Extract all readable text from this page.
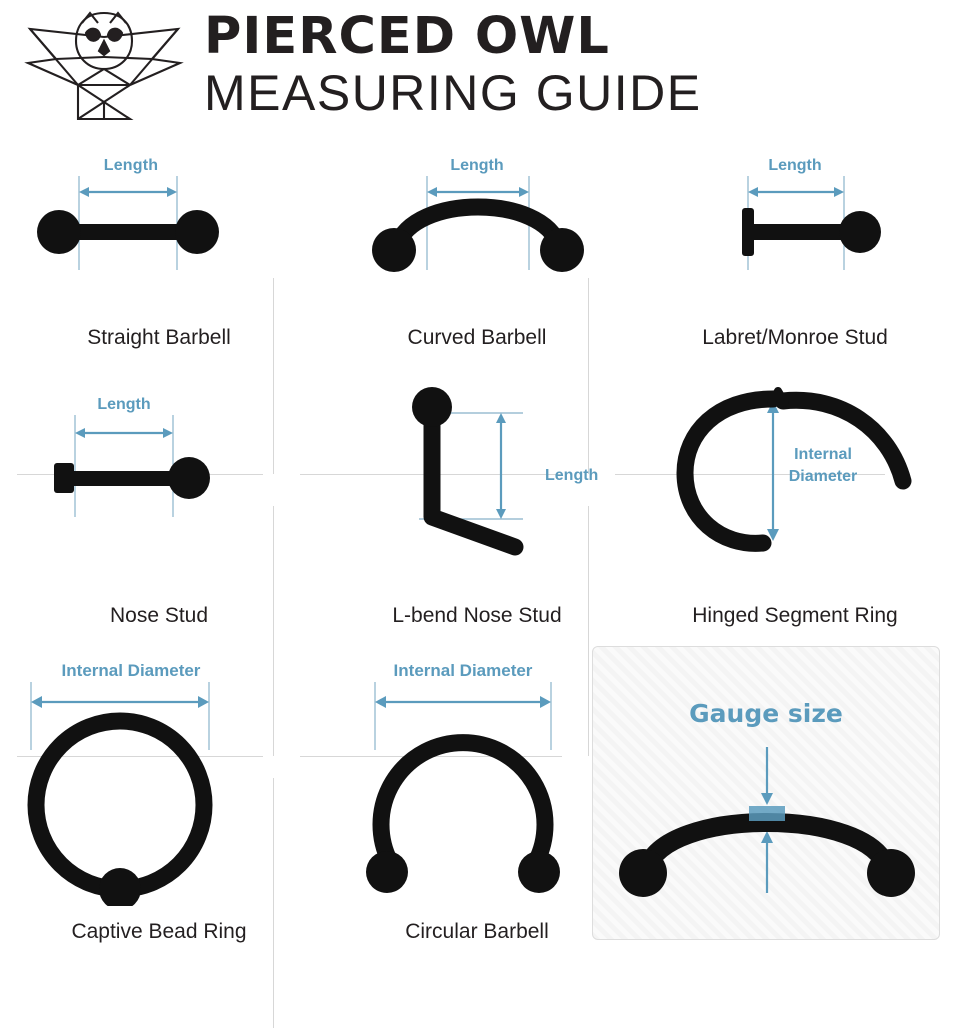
PIERCED OWL
MEASURING GUIDE
Length
Straight Barbell
Length
Curved Barbell
Length
Labret/Monroe Stud
Length
Nose Stud
Length
L-bend Nose Stud
Internal
Diameter
Hinged Segment Ring
Internal Diameter
Captive Bead Ring
Internal Diameter
Circular Barbell
Gauge size
